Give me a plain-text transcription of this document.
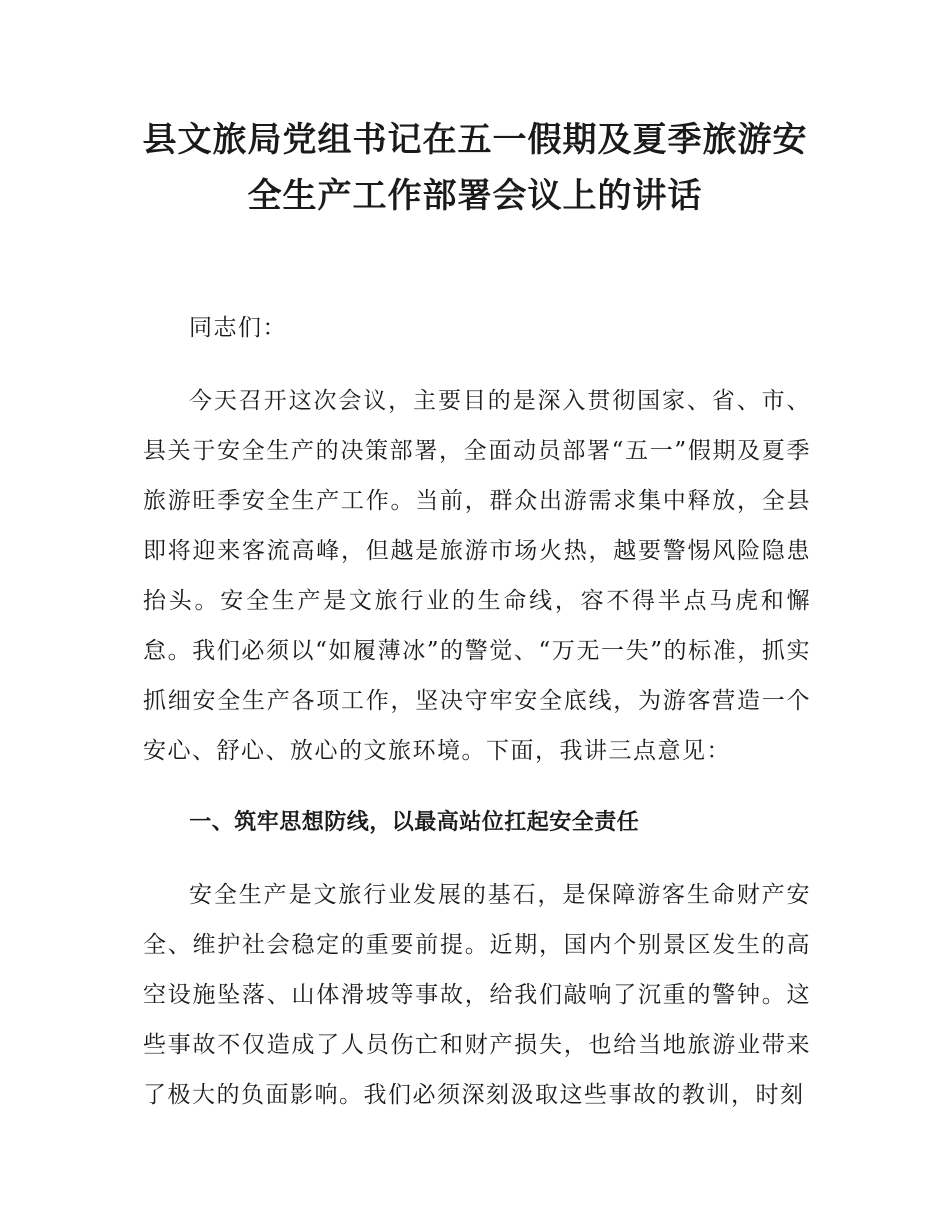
县文旅局党组书记在五一假期及夏季旅游安
全生产工作部署会议上的讲话

同志们：

今天召开这次会议，主要目的是深入贯彻国家、省、市、县关于安全生产的决策部署，全面动员部署“五一”假期及夏季旅游旺季安全生产工作。当前，群众出游需求集中释放，全县即将迎来客流高峰，但越是旅游市场火热，越要警惕风险隐患抬头。安全生产是文旅行业的生命线，容不得半点马虎和懈怠。我们必须以“如履薄冰”的警觉、“万无一失”的标准，抓实抓细安全生产各项工作，坚决守牢安全底线，为游客营造一个安心、舒心、放心的文旅环境。下面，我讲三点意见：

一、筑牢思想防线，以最高站位扛起安全责任

安全生产是文旅行业发展的基石，是保障游客生命财产安全、维护社会稳定的重要前提。近期，国内个别景区发生的高空设施坠落、山体滑坡等事故，给我们敲响了沉重的警钟。这些事故不仅造成了人员伤亡和财产损失，也给当地旅游业带来了极大的负面影响。我们必须深刻汲取这些事故的教训，时刻
